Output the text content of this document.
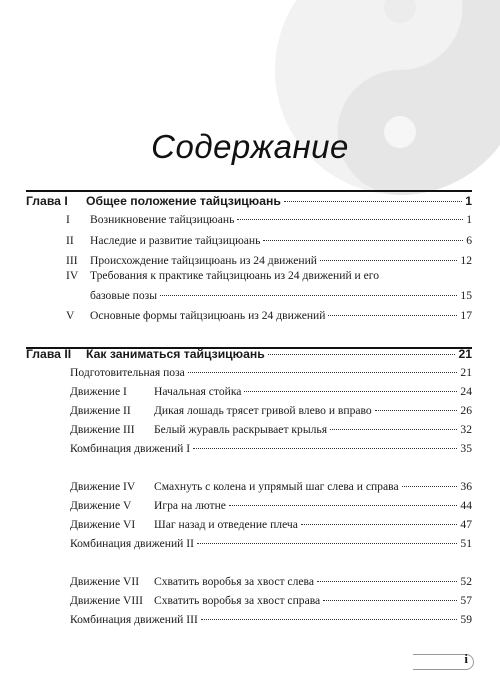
Содержание
Глава I	Общее положение тайцзицюань	1
I	Возникновение тайцзицюань	1
II	Наследие и развитие тайцзицюань	6
III	Происхождение тайцзицюань из 24 движений	12
IV	Требования к практике тайцзицюань из 24 движений и его
базовые позы	15
V	Основные формы тайцзицюань из 24 движений	17
Глава II	Как заниматься тайцзицюань	21
Подготовительная поза	21
Движение I	Начальная стойка	24
Движение II	Дикая лошадь трясет гривой влево и вправо	26
Движение III	Белый журавль раскрывает крылья	32
Комбинация движений I	35
Движение IV	Смахнуть с колена и упрямый шаг слева и справа	36
Движение V	Игра на лютне	44
Движение VI	Шаг назад и отведение плеча	47
Комбинация движений II	51
Движение VII	Схватить воробья за хвост слева	52
Движение VIII Схватить воробья за хвост справа	57
Комбинация движений III	59
i
